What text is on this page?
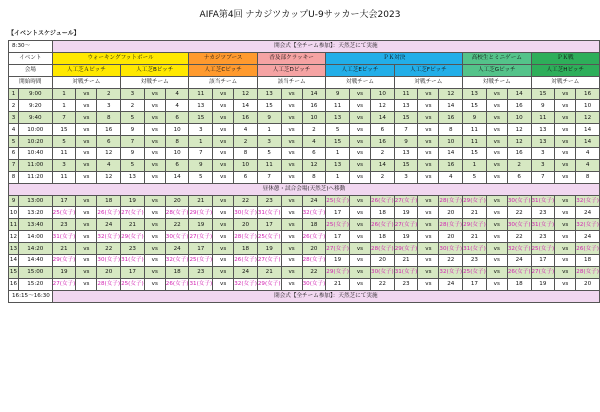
AIFA第4回 ナカジツカップU-9サッカー大会2023
【イベントスケジュール】
8:30〜		開会式【全チーム参加】：天然芝にて実施																							
イベント		ウォーキングフットボール						ナカジツブース			香及部クラッキー			ＰＫ対決						高校生とミニゲーム			ＰＫ戦		
会場		人工芝Ａピッチ			人工芝Bピッチ			人工芝Cピッチ			人工芝Dピッチ			人工芝Eピッチ			人工芝Fピッチ			人工芝Gピッチ			人工芝Hピッチ		
開始時間		対戦チーム			対戦チーム			該当チーム			該当チーム			対戦チーム			対戦チーム			対戦チーム			対戦チーム		
1	9:00	1	vs	2	3	vs	4	11	vs	12	13	vs	14	9	vs	10	11	vs	12	13	vs	14	15	vs	16
2	9:20	1	vs	3	2	vs	4	13	vs	14	15	vs	16	11	vs	12	13	vs	14	15	vs	16	9	vs	10
3	9:40	7	vs	8	5	vs	6	15	vs	16	9	vs	10	13	vs	14	15	vs	16	9	vs	10	11	vs	12
4	10:00	15	vs	16	9	vs	10	3	vs	4	1	vs	2	5	vs	6	7	vs	8	11	vs	12	13	vs	14
5	10:20	5	vs	6	7	vs	8	1	vs	2	3	vs	4	15	vs	16	9	vs	10	11	vs	12	13	vs	14
6	10:40	11	vs	12	9	vs	10	7	vs	8	5	vs	6	1	vs	2	13	vs	14	15	vs	16	3	vs	4
7	11:00	3	vs	4	5	vs	6	9	vs	10	11	vs	12	13	vs	14	15	vs	16	1	vs	2	3	vs	4
8	11:20	11	vs	12	13	vs	14	5	vs	6	7	vs	8	1	vs	2	3	vs	4	5	vs	6	7	vs	8
昼休憩・試合会場(天然芝)へ移動																									
9	13:00	17	vs	18	19	vs	20	21	vs	22	23	vs	24	25(女子)	vs	26(女子)	27(女子)	vs	28(女子)	29(女子)	vs	30(女子)	31(女子)	vs	32(女子)
10	13:20	25(女子)	vs	26(女子)	27(女子)	vs	28(女子)	29(女子)	vs	30(女子)	31(女子)	vs	32(女子)	17	vs	18	19	vs	20	21	vs	22	23	vs	24
11	13:40	23	vs	24	21	vs	22	19	vs	20	17	vs	18	25(女子)	vs	26(女子)	27(女子)	vs	28(女子)	29(女子)	vs	30(女子)	31(女子)	vs	32(女子)
12	14:00	31(女子)	vs	32(女子)	29(女子)	vs	30(女子)	27(女子)	vs	28(女子)	25(女子)	vs	26(女子)	17	vs	18	19	vs	20	21	vs	22	23	vs	24
13	14:20	21	vs	22	23	vs	24	17	vs	18	19	vs	20	27(女子)	vs	28(女子)	29(女子)	vs	30(女子)	31(女子)	vs	32(女子)	25(女子)	vs	26(女子)
14	14:40	29(女子)	vs	30(女子)	31(女子)	vs	32(女子)	25(女子)	vs	26(女子)	27(女子)	vs	28(女子)	19	vs	20	21	vs	22	23	vs	24	17	vs	18
15	15:00	19	vs	20	17	vs	18	23	vs	24	21	vs	22	29(女子)	vs	30(女子)	31(女子)	vs	32(女子)	25(女子)	vs	26(女子)	27(女子)	vs	28(女子)
16	15:20	27(女子)	vs	28(女子)	25(女子)	vs	26(女子)	31(女子)	vs	32(女子)	29(女子)	vs	30(女子)	21	vs	22	23	vs	24	17	vs	18	19	vs	20
16:15〜16:30		閉会式【全チーム参加】：天然芝にて実施																							
